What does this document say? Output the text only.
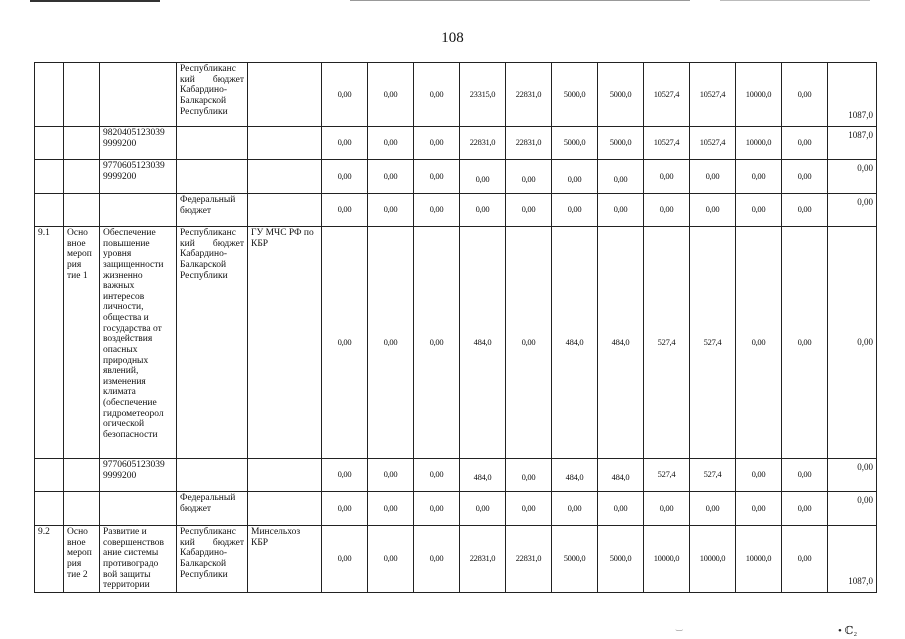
108
			Республиканс кий бюджет Кабардино-Балкарской Республики		0,00	0,00	0,00	23315,0	22831,0	5000,0	5000,0	10527,4	10527,4	10000,0	0,00	1087,0
		9820405123039 9999200			0,00	0,00	0,00	22831,0	22831,0	5000,0	5000,0	10527,4	10527,4	10000,0	0,00	1087,0
		9770605123039 9999200			0,00	0,00	0,00	0,00	0,00	0,00	0,00	0,00	0,00	0,00	0,00	0,00
			Федеральный бюджет		0,00	0,00	0,00	0,00	0,00	0,00	0,00	0,00	0,00	0,00	0,00	0,00
9.1	Осно вное мероп рия тие 1	Обеспечение повышение уровня защищенности жизненно важных интересов личности, общества и государства от воздействия опасных природных явлений, изменения климата (обеспечение гидрометеорол огической безопасности	Республиканс кий бюджет Кабардино-Балкарской Республики	ГУ МЧС РФ по КБР	0,00	0,00	0,00	484,0	0,00	484,0	484,0	527,4	527,4	0,00	0,00	0,00
		9770605123039 9999200			0,00	0,00	0,00	484,0	0,00	484,0	484,0	527,4	527,4	0,00	0,00	0,00
			Федеральный бюджет		0,00	0,00	0,00	0,00	0,00	0,00	0,00	0,00	0,00	0,00	0,00	0,00
9.2	Осно вное мероп рия тие 2	Развитие и совершенствов ание системы противоградо вой защиты территории	Республиканс кий бюджет Кабардино-Балкарской Республики	Минсельхоз КБР	0,00	0,00	0,00	22831,0	22831,0	5000,0	5000,0	10000,0	10000,0	10000,0	0,00	1087,0
‿	• ℂ₂
